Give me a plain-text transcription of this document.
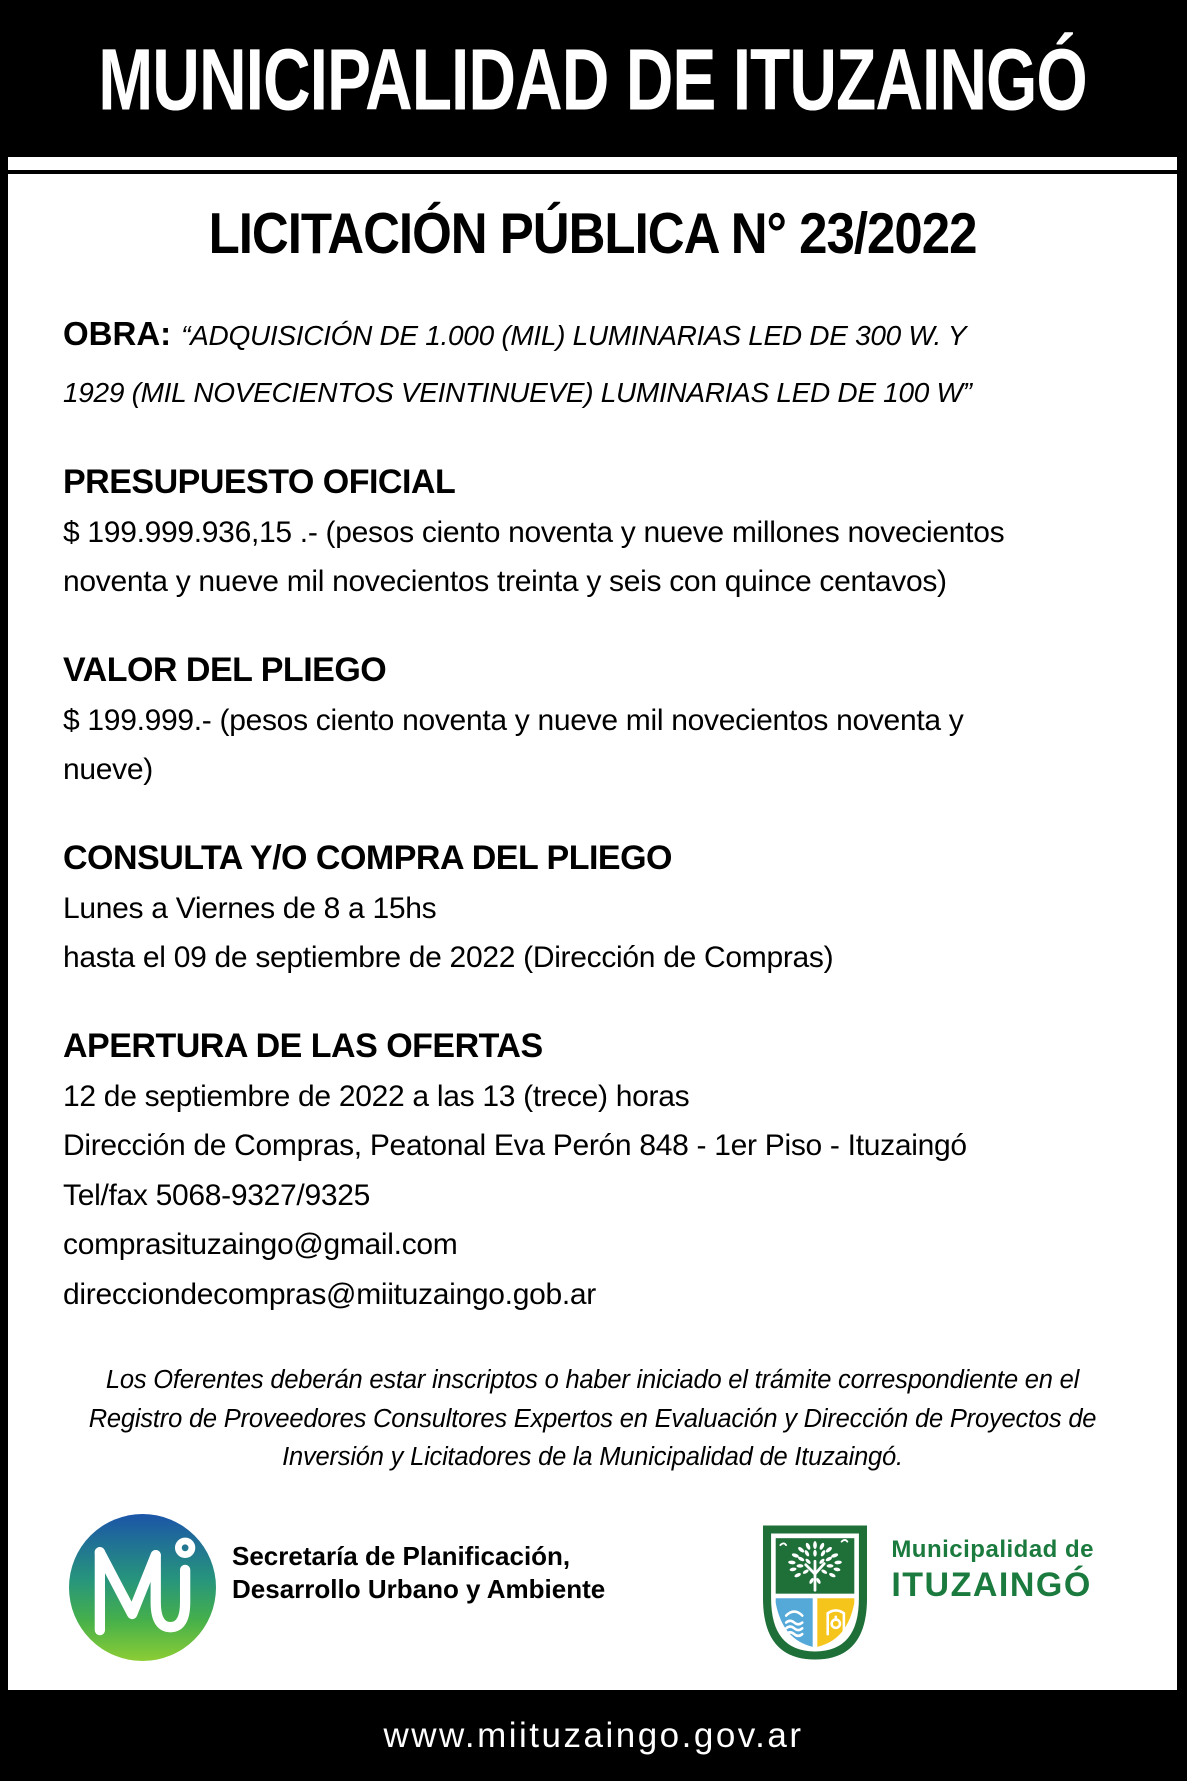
MUNICIPALIDAD DE ITUZAINGÓ
LICITACIÓN PÚBLICA N° 23/2022
OBRA: “ADQUISICIÓN DE 1.000 (MIL) LUMINARIAS LED DE 300 W. Y
1929 (MIL NOVECIENTOS VEINTINUEVE) LUMINARIAS LED DE 100 W”
PRESUPUESTO OFICIAL
$ 199.999.936,15 .- (pesos ciento noventa y nueve millones novecientos
noventa y nueve mil novecientos treinta y seis con quince centavos)
VALOR DEL PLIEGO
$ 199.999.- (pesos ciento noventa y nueve mil novecientos noventa y
nueve)
CONSULTA Y/O COMPRA DEL PLIEGO
Lunes a Viernes de 8 a 15hs
hasta el 09 de septiembre de 2022 (Dirección de Compras)
APERTURA DE LAS OFERTAS
12 de septiembre de 2022 a las 13 (trece) horas
Dirección de Compras, Peatonal Eva Perón 848 - 1er Piso - Ituzaingó
Tel/fax 5068-9327/9325
comprasituzaingo@gmail.com
direcciondecompras@miituzaingo.gob.ar
Los Oferentes deberán estar inscriptos o haber iniciado el trámite correspondiente en el
Registro de Proveedores Consultores Expertos en Evaluación y Dirección de Proyectos de
Inversión y Licitadores de la Municipalidad de Ituzaingó.
Secretaría de Planificación,
Desarrollo Urbano y Ambiente
Municipalidad de
ITUZAINGÓ
www.miituzaingo.gov.ar
